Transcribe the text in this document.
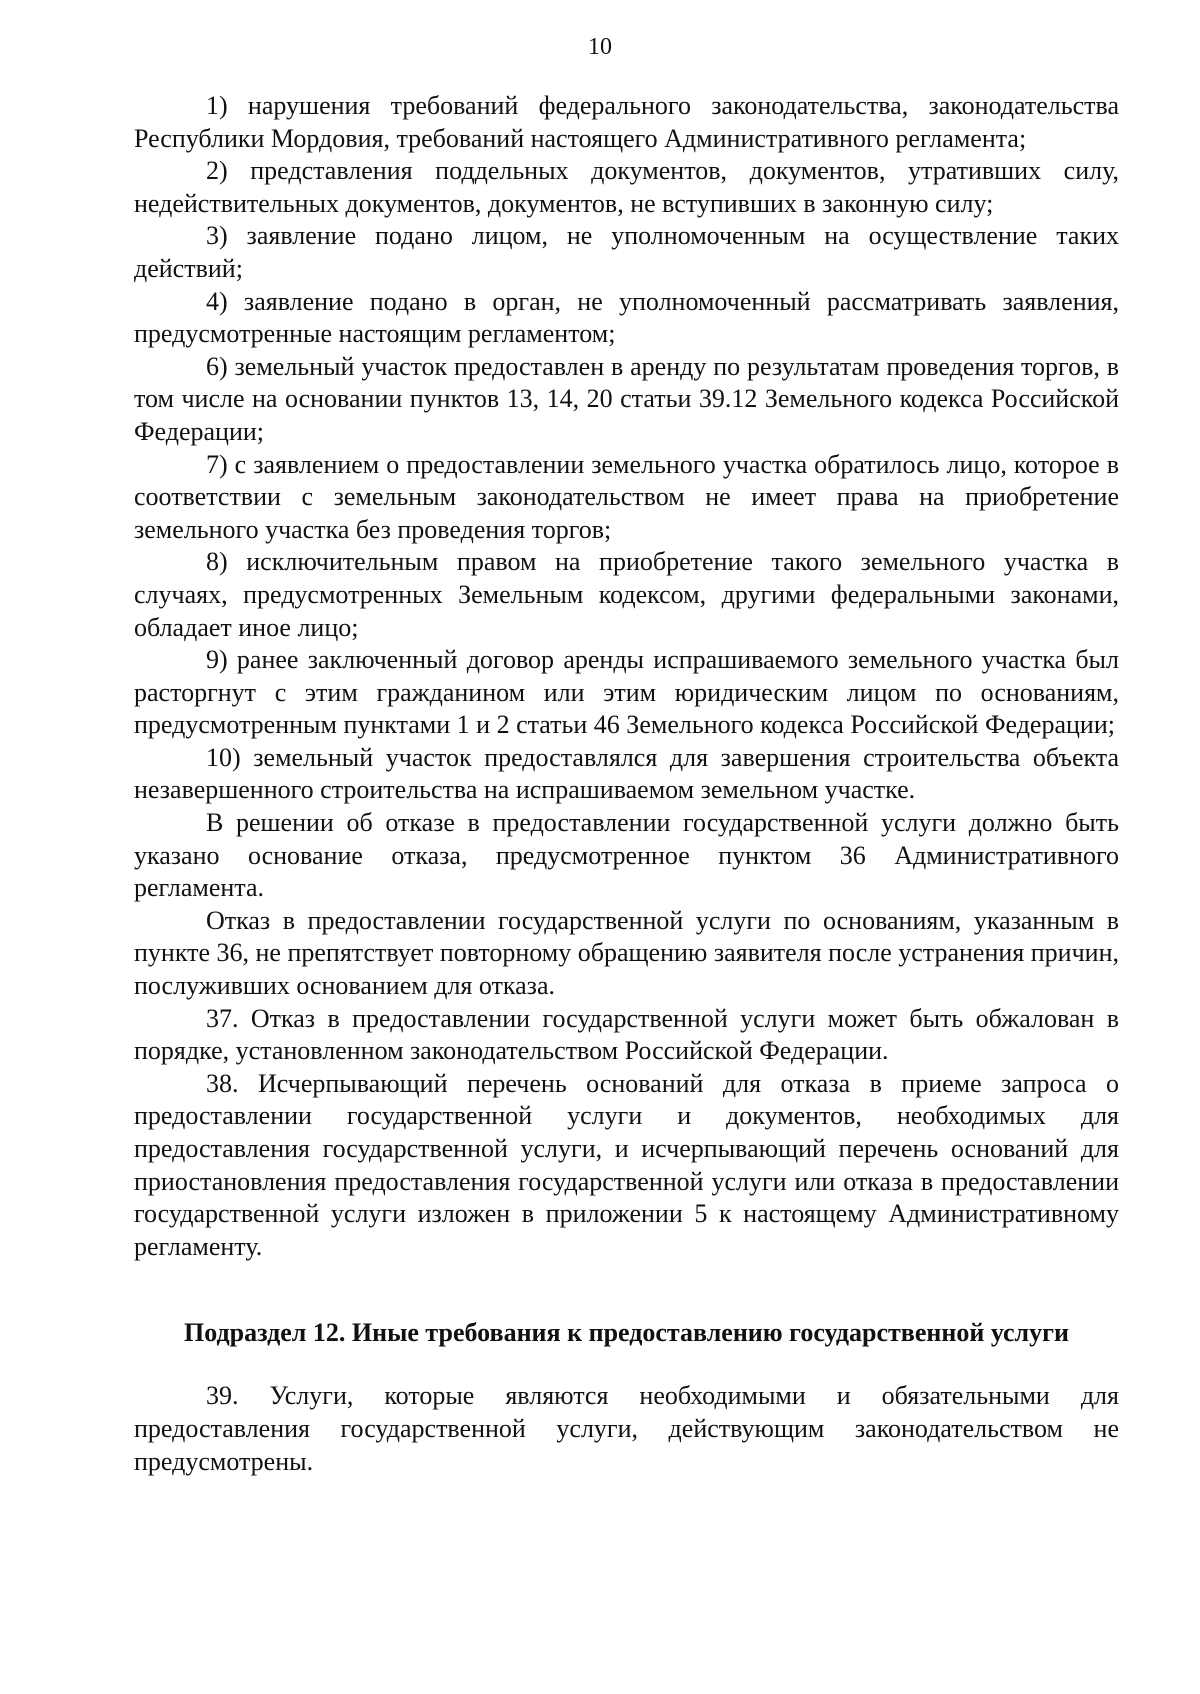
10

1) нарушения требований федерального законодательства, законодательства Республики Мордовия, требований настоящего Административного регламента;

2) представления поддельных документов, документов, утративших силу, недействительных документов, документов, не вступивших в законную силу;

3) заявление подано лицом, не уполномоченным на осуществление таких действий;

4) заявление подано в орган, не уполномоченный рассматривать заявления, предусмотренные настоящим регламентом;

6) земельный участок предоставлен в аренду по результатам проведения торгов, в том числе на основании пунктов 13, 14, 20 статьи 39.12 Земельного кодекса Российской Федерации;

7) с заявлением о предоставлении земельного участка обратилось лицо, которое в соответствии с земельным законодательством не имеет права на приобретение земельного участка без проведения торгов;

8) исключительным правом на приобретение такого земельного участка в случаях, предусмотренных Земельным кодексом, другими федеральными законами, обладает иное лицо;

9) ранее заключенный договор аренды испрашиваемого земельного участка был расторгнут с этим гражданином или этим юридическим лицом по основаниям, предусмотренным пунктами 1 и 2 статьи 46 Земельного кодекса Российской Федерации;

10) земельный участок предоставлялся для завершения строительства объекта незавершенного строительства на испрашиваемом земельном участке.

В решении об отказе в предоставлении государственной услуги должно быть указано основание отказа, предусмотренное пунктом 36 Административного регламента.

Отказ в предоставлении государственной услуги по основаниям, указанным в пункте 36, не препятствует повторному обращению заявителя после устранения причин, послуживших основанием для отказа.

37. Отказ в предоставлении государственной услуги может быть обжалован в порядке, установленном законодательством Российской Федерации.

38. Исчерпывающий перечень оснований для отказа в приеме запроса о предоставлении государственной услуги и документов, необходимых для предоставления государственной услуги, и исчерпывающий перечень оснований для приостановления предоставления государственной услуги или отказа в предоставлении государственной услуги изложен в приложении 5 к настоящему Административному регламенту.

Подраздел 12. Иные требования к предоставлению государственной услуги

39. Услуги, которые являются необходимыми и обязательными для предоставления государственной услуги, действующим законодательством не предусмотрены.
